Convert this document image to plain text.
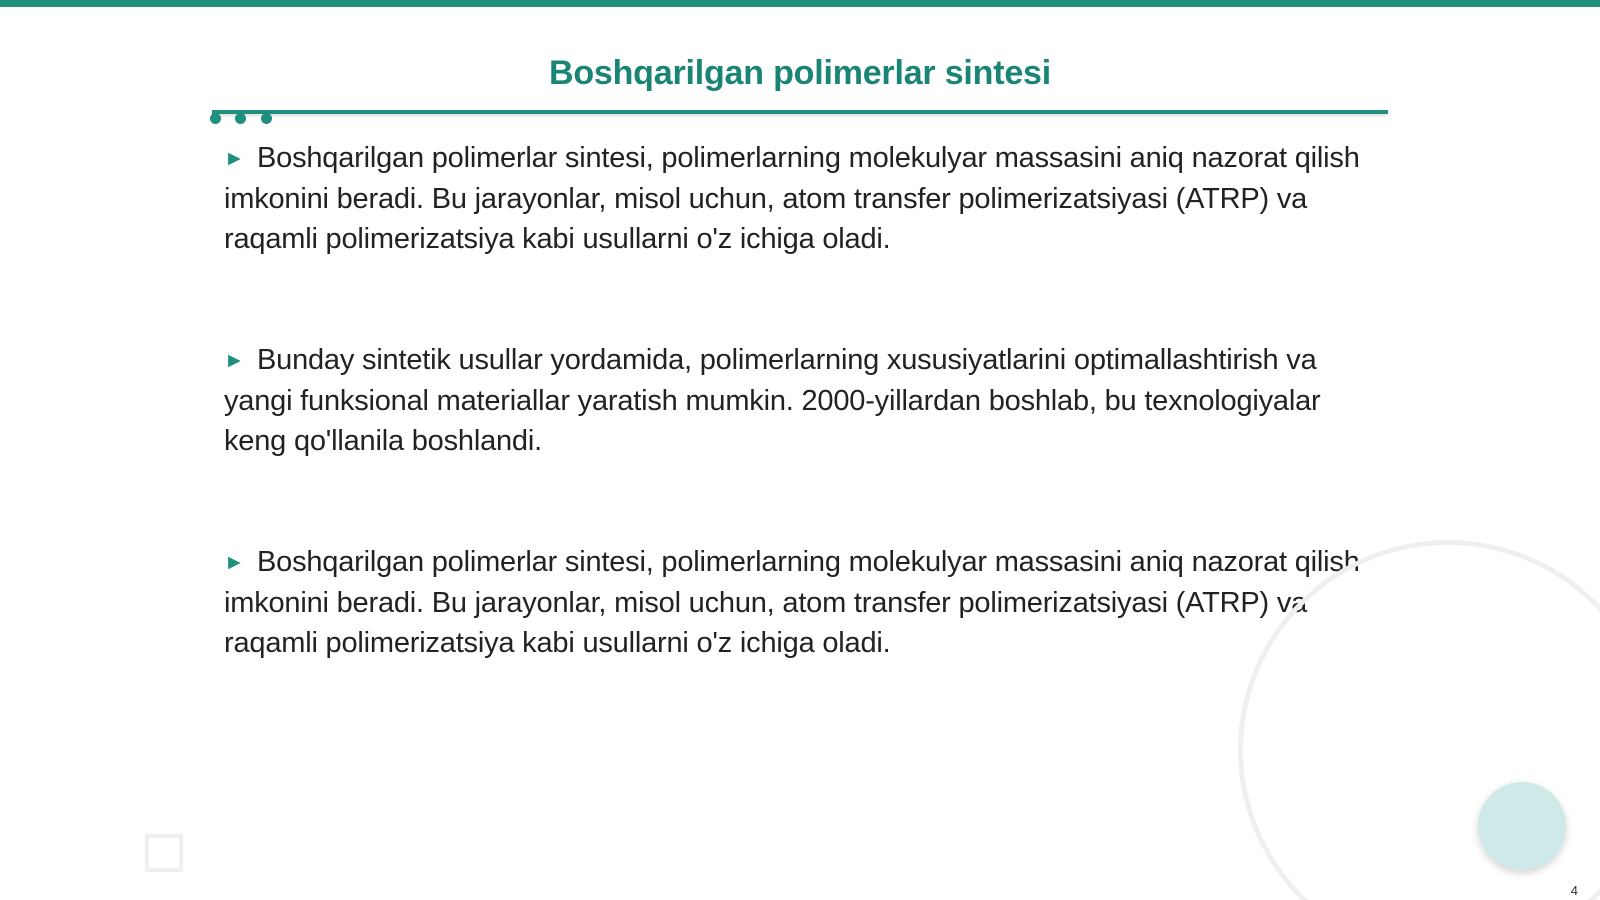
Boshqarilgan polimerlar sintesi

► Boshqarilgan polimerlar sintesi, polimerlarning molekulyar massasini aniq nazorat qilish imkonini beradi. Bu jarayonlar, misol uchun, atom transfer polimerizatsiyasi (ATRP) va raqamli polimerizatsiya kabi usullarni o'z ichiga oladi.

► Bunday sintetik usullar yordamida, polimerlarning xususiyatlarini optimallashtirish va yangi funksional materiallar yaratish mumkin. 2000-yillardan boshlab, bu texnologiyalar keng qo'llanila boshlandi.

► Boshqarilgan polimerlar sintesi, polimerlarning molekulyar massasini aniq nazorat qilish imkonini beradi. Bu jarayonlar, misol uchun, atom transfer polimerizatsiyasi (ATRP) va raqamli polimerizatsiya kabi usullarni o'z ichiga oladi.

4
